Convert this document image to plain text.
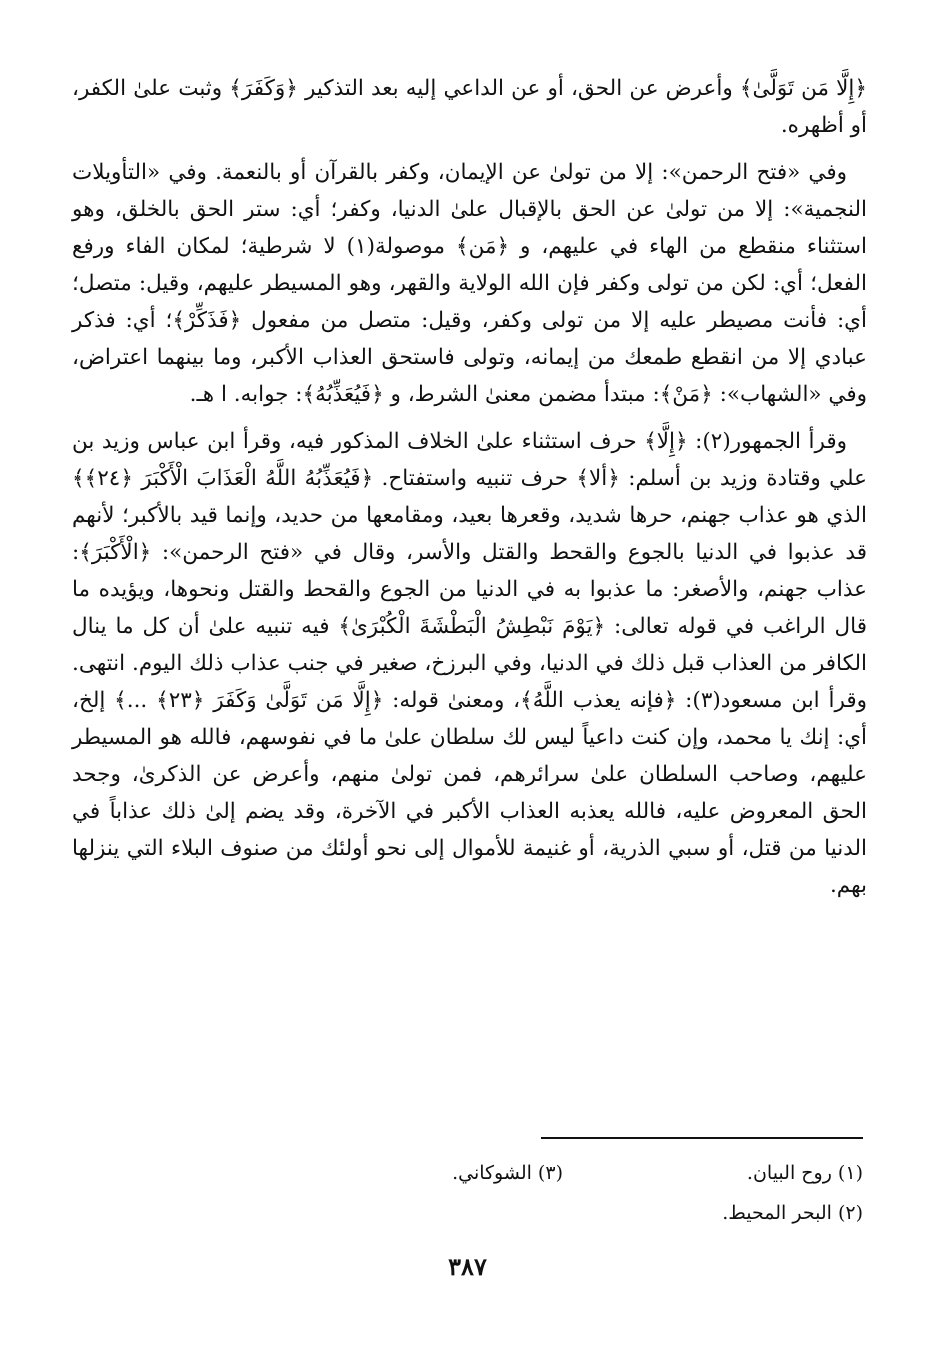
﴿إِلَّا مَن تَوَلَّىٰ﴾ وأعرض عن الحق، أو عن الداعي إليه بعد التذكير ﴿وَكَفَرَ﴾ وثبت علىٰ الكفر، أو أظهره.

وفي «فتح الرحمن»: إلا من تولىٰ عن الإيمان، وكفر بالقرآن أو بالنعمة. وفي «التأويلات النجمية»: إلا من تولىٰ عن الحق بالإقبال علىٰ الدنيا، وكفر؛ أي: ستر الحق بالخلق، وهو استثناء منقطع من الهاء في عليهم، و ﴿مَن﴾ موصولة(١) لا شرطية؛ لمكان الفاء ورفع الفعل؛ أي: لكن من تولى وكفر فإن الله الولاية والقهر، وهو المسيطر عليهم، وقيل: متصل؛ أي: فأنت مصيطر عليه إلا من تولى وكفر، وقيل: متصل من مفعول ﴿فَذَكِّرْ﴾؛ أي: فذكر عبادي إلا من انقطع طمعك من إيمانه، وتولى فاستحق العذاب الأكبر، وما بينهما اعتراض، وفي «الشهاب»: ﴿مَنْ﴾: مبتدأ مضمن معنىٰ الشرط، و ﴿فَيُعَذِّبُهُ﴾: جوابه. ا هـ.

وقرأ الجمهور(٢): ﴿إِلَّا﴾ حرف استثناء علىٰ الخلاف المذكور فيه، وقرأ ابن عباس وزيد بن علي وقتادة وزيد بن أسلم: ﴿ألا﴾ حرف تنبيه واستفتاح. ﴿فَيُعَذِّبُهُ اللَّهُ الْعَذَابَ الْأَكْبَرَ ﴿٢٤﴾﴾ الذي هو عذاب جهنم، حرها شديد، وقعرها بعيد، ومقامعها من حديد، وإنما قيد بالأكبر؛ لأنهم قد عذبوا في الدنيا بالجوع والقحط والقتل والأسر، وقال في «فتح الرحمن»: ﴿الْأَكْبَرَ﴾: عذاب جهنم، والأصغر: ما عذبوا به في الدنيا من الجوع والقحط والقتل ونحوها، ويؤيده ما قال الراغب في قوله تعالى: ﴿يَوْمَ نَبْطِشُ الْبَطْشَةَ الْكُبْرَىٰ﴾ فيه تنبيه علىٰ أن كل ما ينال الكافر من العذاب قبل ذلك في الدنيا، وفي البرزخ، صغير في جنب عذاب ذلك اليوم. انتهى. وقرأ ابن مسعود(٣): ﴿فإنه يعذب اللَّهُ﴾، ومعنىٰ قوله: ﴿إِلَّا مَن تَوَلَّىٰ وَكَفَرَ ﴿٢٣﴾ ...﴾ إلخ، أي: إنك يا محمد، وإن كنت داعياً ليس لك سلطان علىٰ ما في نفوسهم، فالله هو المسيطر عليهم، وصاحب السلطان علىٰ سرائرهم، فمن تولىٰ منهم، وأعرض عن الذكرىٰ، وجحد الحق المعروض عليه، فالله يعذبه العذاب الأكبر في الآخرة، وقد يضم إلىٰ ذلك عذاباً في الدنيا من قتل، أو سبي الذرية، أو غنيمة للأموال إلى نحو أولئك من صنوف البلاء التي ينزلها بهم.

(١) روح البيان.
(٣) الشوكاني.
(٢) البحر المحيط.
٣٨٧
